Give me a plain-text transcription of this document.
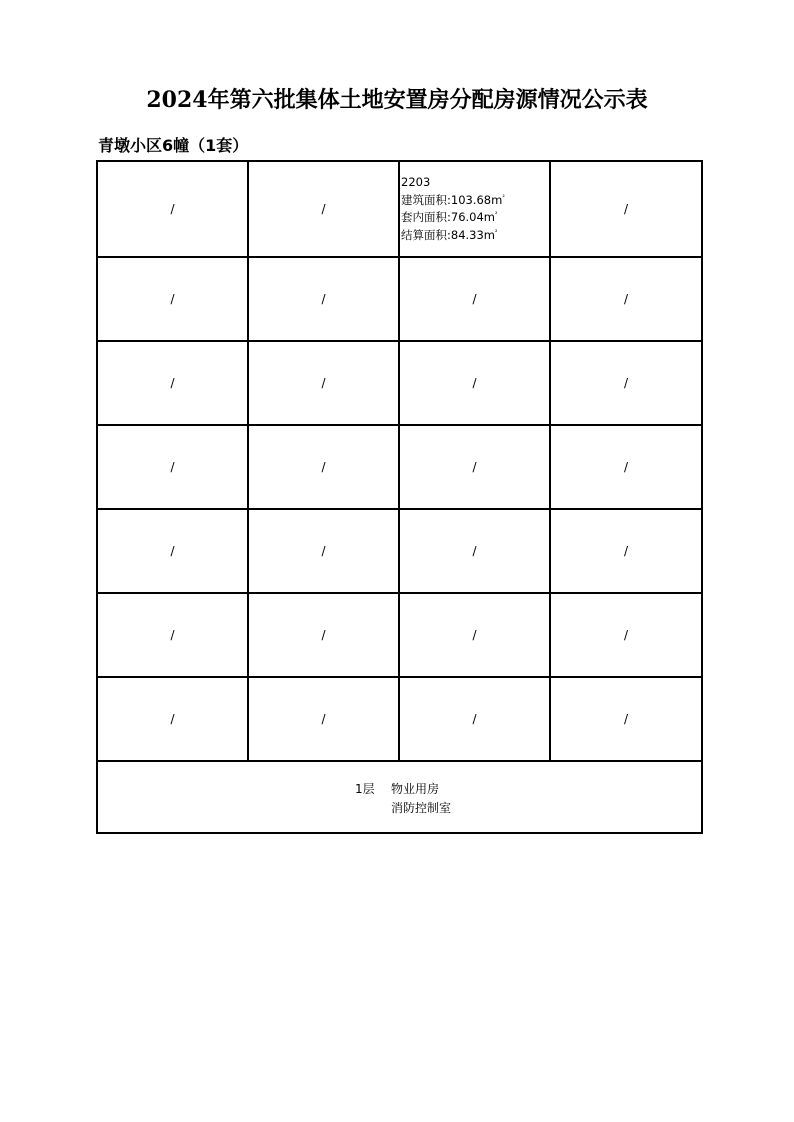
2024年第六批集体土地安置房分配房源情况公示表
青墩小区6幢（1套）
/	/	2203
建筑面积$:103.68m^{^2}$
套内面积$:76.04m^{^2}$
结算面积$:84.33m^{^2}$	/
/	/	/	/
/	/	/	/
/	/	/	/
/	/	/	/
/	/	/	/
/	/	/	/

1层 物业用房
消防控制室			
